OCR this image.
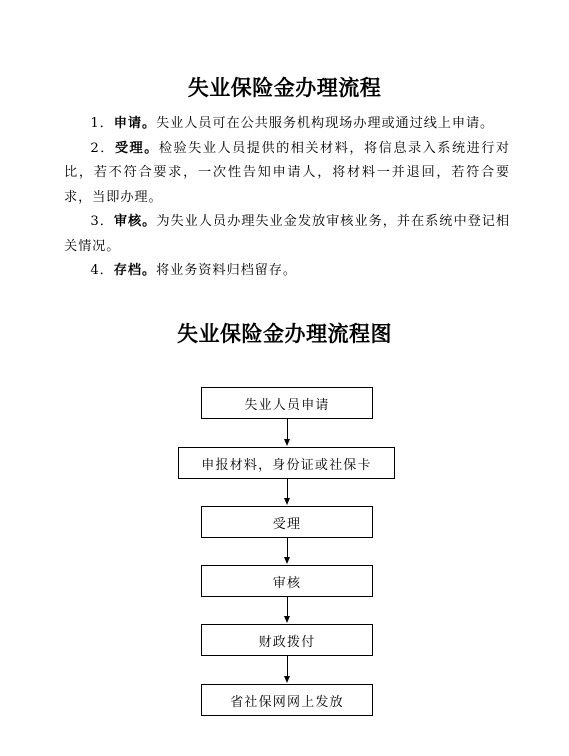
失业保险金办理流程

1．申请。失业人员可在公共服务机构现场办理或通过线上申请。

2．受理。检验失业人员提供的相关材料，将信息录入系统进行对比，若不符合要求，一次性告知申请人，将材料一并退回，若符合要求，当即办理。

3．审核。为失业人员办理失业金发放审核业务，并在系统中登记相关情况。

4．存档。将业务资料归档留存。

失业保险金办理流程图
失业人员申请
申报材料，身份证或社保卡
受理
审核
财政拨付
省社保网网上发放
